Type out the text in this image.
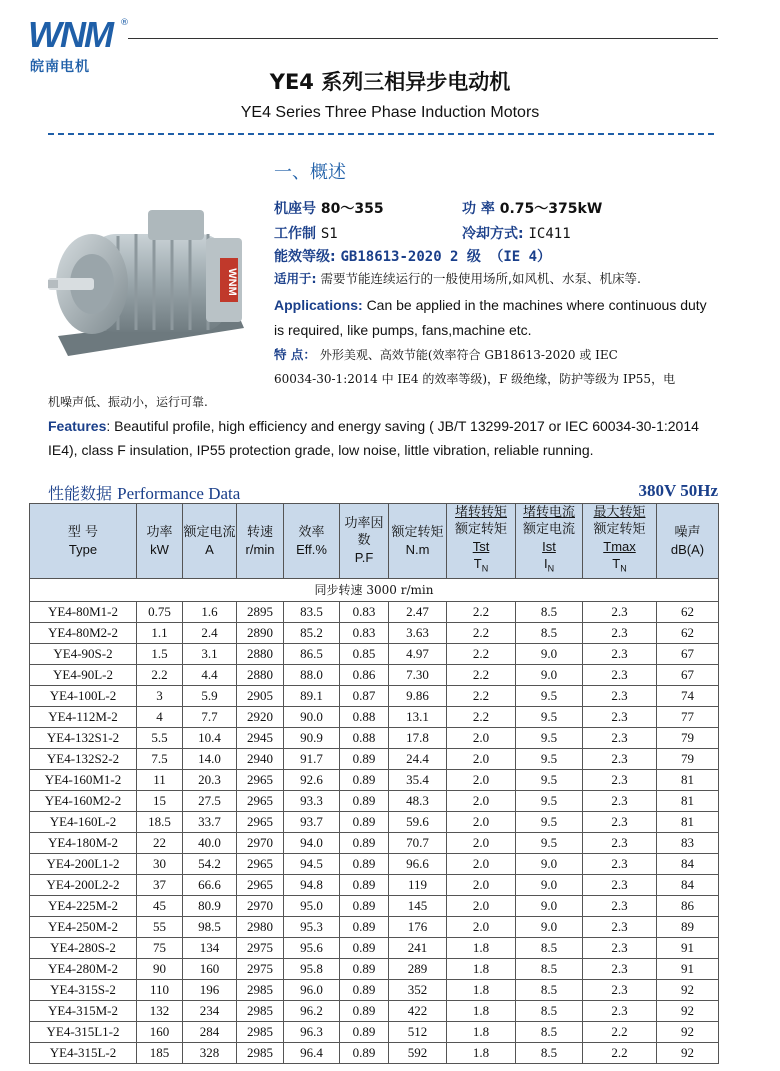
WNM ®
皖南电机
YE4 系列三相异步电动机
YE4 Series Three Phase Induction Motors
WNM
一、概述
机座号 80～355	功 率 0.75～375kW
工作制 S1	冷却方式: IC411
能效等级: GB18613-2020 2 级 （IE 4）
适用于: 需要节能连续运行的一般使用场所,如风机、水泵、机床等.
Applications: Can be applied in the machines where continuous duty
is required, like pumps, fans,machine etc.
特 点： 外形美观、高效节能(效率符合 GB18613-2020 或 IEC
60034-30-1:2014 中 IE4 的效率等级)，F 级绝缘，防护等级为 IP55，电
机噪声低、振动小，运行可靠.
Features: Beautiful profile, high efficiency and energy saving ( JB/T 13299-2017 or IEC 60034-30-1:2014
IE4), class F insulation, IP55 protection grade, low noise, little vibration, reliable running.
性能数据 Performance Data	380V 50Hz
型 号
Type	功率
kW	额定电流
A	转速
r/min	效率
Eff.%	功率因数
P.F	额定转矩
N.m	堵转转矩
额定转矩
Tst
$T_N$	堵转电流
额定电流
Ist
$I_N$	最大转矩
额定转矩
Tmax
$T_N$	噪声
dB(A)

同步转速 3000 r/min										
YE4-80M1-2	0.75	1.6	2895	83.5	0.83	2.47	2.2	8.5	2.3	62
YE4-80M2-2	1.1	2.4	2890	85.2	0.83	3.63	2.2	8.5	2.3	62
YE4-90S-2	1.5	3.1	2880	86.5	0.85	4.97	2.2	9.0	2.3	67
YE4-90L-2	2.2	4.4	2880	88.0	0.86	7.30	2.2	9.0	2.3	67
YE4-100L-2	3	5.9	2905	89.1	0.87	9.86	2.2	9.5	2.3	74
YE4-112M-2	4	7.7	2920	90.0	0.88	13.1	2.2	9.5	2.3	77
YE4-132S1-2	5.5	10.4	2945	90.9	0.88	17.8	2.0	9.5	2.3	79
YE4-132S2-2	7.5	14.0	2940	91.7	0.89	24.4	2.0	9.5	2.3	79
YE4-160M1-2	11	20.3	2965	92.6	0.89	35.4	2.0	9.5	2.3	81
YE4-160M2-2	15	27.5	2965	93.3	0.89	48.3	2.0	9.5	2.3	81
YE4-160L-2	18.5	33.7	2965	93.7	0.89	59.6	2.0	9.5	2.3	81
YE4-180M-2	22	40.0	2970	94.0	0.89	70.7	2.0	9.5	2.3	83
YE4-200L1-2	30	54.2	2965	94.5	0.89	96.6	2.0	9.0	2.3	84
YE4-200L2-2	37	66.6	2965	94.8	0.89	119	2.0	9.0	2.3	84
YE4-225M-2	45	80.9	2970	95.0	0.89	145	2.0	9.0	2.3	86
YE4-250M-2	55	98.5	2980	95.3	0.89	176	2.0	9.0	2.3	89
YE4-280S-2	75	134	2975	95.6	0.89	241	1.8	8.5	2.3	91
YE4-280M-2	90	160	2975	95.8	0.89	289	1.8	8.5	2.3	91
YE4-315S-2	110	196	2985	96.0	0.89	352	1.8	8.5	2.3	92
YE4-315M-2	132	234	2985	96.2	0.89	422	1.8	8.5	2.3	92
YE4-315L1-2	160	284	2985	96.3	0.89	512	1.8	8.5	2.2	92
YE4-315L-2	185	328	2985	96.4	0.89	592	1.8	8.5	2.2	92
